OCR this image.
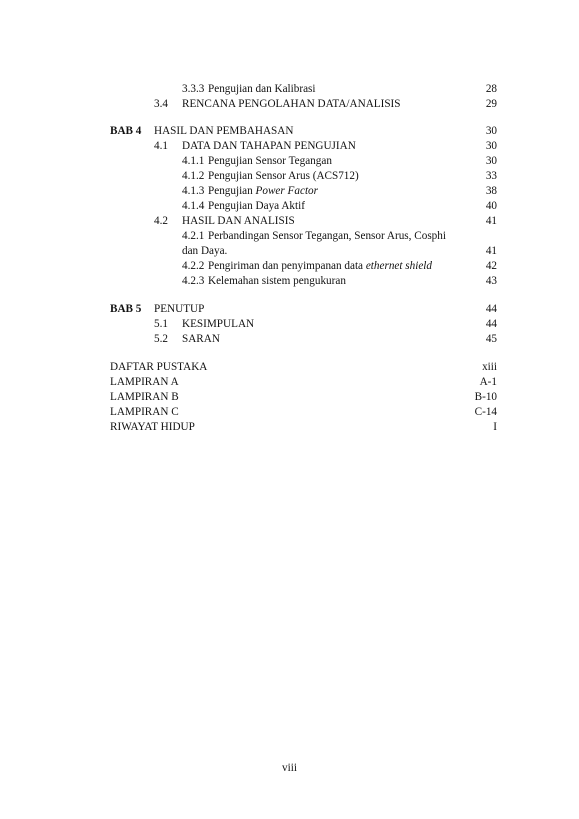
3.3.3 Pengujian dan Kalibrasi	28
3.4 RENCANA PENGOLAHAN DATA/ANALISIS	29
BAB 4 HASIL DAN PEMBAHASAN	30
4.1 DATA DAN TAHAPAN PENGUJIAN	30
4.1.1 Pengujian Sensor Tegangan	30
4.1.2 Pengujian Sensor Arus (ACS712)	33
4.1.3 Pengujian Power Factor	38
4.1.4 Pengujian Daya Aktif	40
4.2 HASIL DAN ANALISIS	41
4.2.1 Perbandingan Sensor Tegangan, Sensor Arus, Cosphi
dan Daya.	41
4.2.2 Pengiriman dan penyimpanan data ethernet shield	42
4.2.3 Kelemahan sistem pengukuran	43
BAB 5 PENUTUP	44
5.1 KESIMPULAN	44
5.2 SARAN	45
DAFTAR PUSTAKA	xiii
LAMPIRAN A	A-1
LAMPIRAN B	B-10
LAMPIRAN C	C-14
RIWAYAT HIDUP	I
viii
